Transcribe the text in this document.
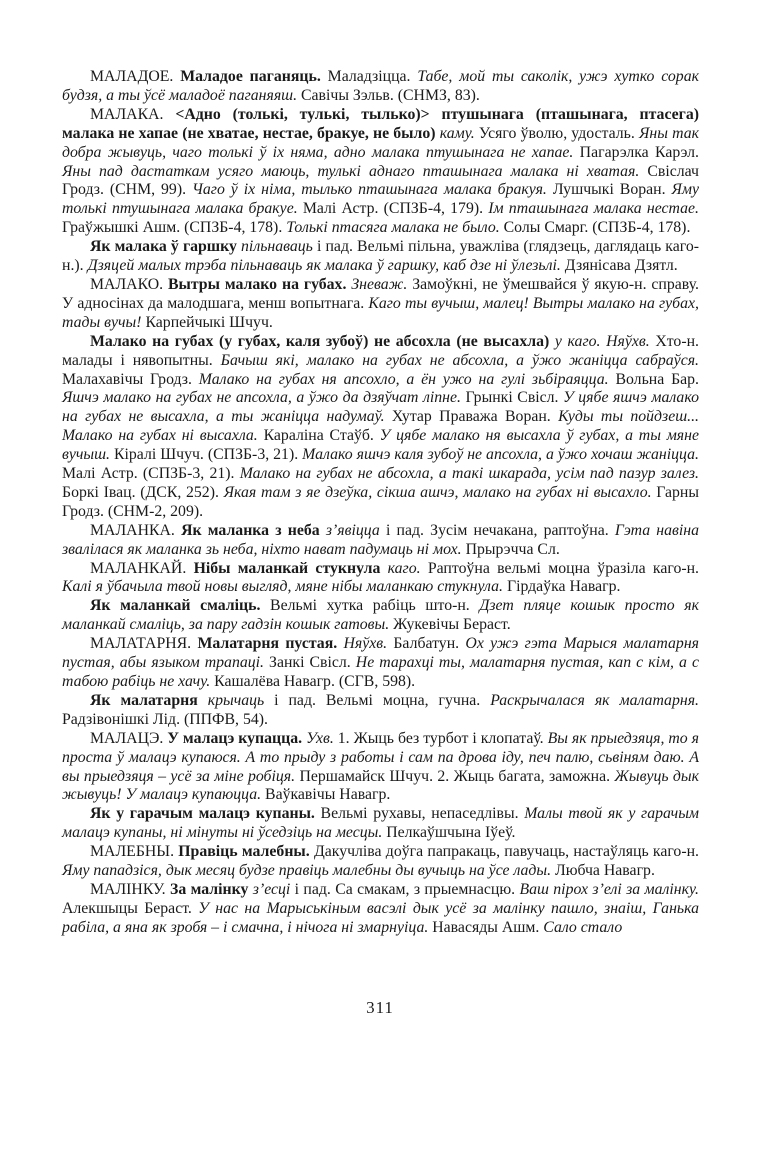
МАЛАДОЕ. Маладое паганяць. Маладзіцца. Табе, мой ты саколік, ужэ хутко сорак будзя, а ты ўсё маладоё паганяяш. Савічы Зэльв. (СНМЗ, 83).

МАЛАКА. <Адно (толькі, тулькі, тылько)> птушынага (пташынага, птасега) малака не хапае (не хватае, нестае, бракуе, не было) каму. Усяго ўволю, удосталь. Яны так добра жывуць, чаго толькі ў іх няма, адно малака птушынага не хапае. Пагарэлка Карэл. Яны пад дастаткам усяго маюць, тулькі аднаго пташынага малака ні хватая. Свіслач Гродз. (СНМ, 99). Чаго ў іх німа, тылько пташынага малака бракуя. Лушчыкі Воран. Яму толькі птушынага малака бракуе. Малі Астр. (СПЗБ-4, 179). Ім пташынага малака нестае. Граўжышкі Ашм. (СПЗБ-4, 178). Толькі птасяга малака не было. Солы Смарг. (СПЗБ-4, 178).

Як малака ў гаршку пільнаваць і пад. Вельмі пільна, уважліва (глядзець, даглядаць каго-н.). Дзяцей малых трэба пільнаваць як малака ў гаршку, каб дзе ні ўлезьлі. Дзянісава Дзятл.

МАЛАКО. Вытры малако на губах. Зневаж. Замоўкні, не ўмешвайся ў якую-н. справу. У адносінах да малодшага, менш вопытнага. Каго ты вучыш, малец! Вытры малако на губах, тады вучы! Карпейчыкі Шчуч.

Малако на губах (у губах, каля зубоў) не абсохла (не высахла) у каго. Няўхв. Хто-н. малады і нявопытны. Бачыш які, малако на губах не абсохла, а ўжо жаніцца сабраўся. Малахавічы Гродз. Малако на губах ня апсохло, а ён ужо на гулі зьбіраяцца. Вольна Бар. Яшчэ малако на губах не апсохла, а ўжо да дзяўчат ліпне. Грынкі Свісл. У цябе яшчэ малако на губах не высахла, а ты жаніцца надумаў. Хутар Праважа Воран. Куды ты пойдзеш... Малако на губах ні высахла. Караліна Стаўб. У цябе малако ня высахла ў губах, а ты мяне вучыш. Кіралі Шчуч. (СПЗБ-3, 21). Малако яшчэ каля зубоў не апсохла, а ўжо хочаш жаніцца. Малі Астр. (СПЗБ-3, 21). Малако на губах не абсохла, а такі шкарада, усім пад пазур залез. Боркі Івац. (ДСК, 252). Якая там з яе дзеўка, сікша ашчэ, малако на губах ні высахло. Гарны Гродз. (СНМ-2, 209).

МАЛАНКА. Як маланка з неба з’явіцца і пад. Зусім нечакана, раптоўна. Гэта навіна звалілася як маланка зь неба, ніхто нават падумаць ні мох. Прырэчча Сл.

МАЛАНКАЙ. Нібы маланкай стукнула каго. Раптоўна вельмі моцна ўразіла каго-н. Калі я ўбачыла твой новы выгляд, мяне нібы маланкаю стукнула. Гірдаўка Навагр.

Як маланкай смаліць. Вельмі хутка рабіць што-н. Дзет пляце кошык просто як маланкай смаліць, за пару гадзін кошык гатовы. Жукевічы Бераст.

МАЛАТАРНЯ. Малатарня пустая. Няўхв. Балбатун. Ох ужэ гэта Марыся малатарня пустая, абы языком трапаці. Занкі Свісл. Не тарахці ты, малатарня пустая, кап с кім, а с табою рабіць не хачу. Кашалёва Навагр. (СГВ, 598).

Як малатарня крычаць і пад. Вельмі моцна, гучна. Раскрычалася як малатарня. Радзівонішкі Лід. (ППФВ, 54).

МАЛАЦЭ. У малацэ купацца. Ухв. 1. Жыць без турбот і клопатаў. Вы як прыедзяця, то я проста ў малацэ купаюся. А то прыду з работы і сам па дрова іду, печ палю, сьвіням даю. А вы прыедзяця – усё за міне робіця. Першамайск Шчуч. 2. Жыць багата, заможна. Жывуць дык жывуць! У малацэ купаюцца. Ваўкавічы Навагр.

Як у гарачым малацэ купаны. Вельмі рухавы, непаседлівы. Малы твой як у гарачым малацэ купаны, ні мінуты ні ўседзіць на месцы. Пелкаўшчына Іўеў.

МАЛЕБНЫ. Правіць малебны. Дакучліва доўга папракаць, павучаць, настаўляць каго-н. Яму пападзіся, дык месяц будзе правіць малебны ды вучыць на ўсе лады. Любча Навагр.

МАЛІНКУ. За малінку з’есці і пад. Са смакам, з прыемнасцю. Ваш пірох з’елі за малінку. Алекшыцы Бераст. У нас на Марыськіным васэлі дык усё за малінку пашло, знаіш, Ганька рабіла, а яна як зробя – і смачна, і нічога ні змарнуіца. Навасяды Ашм. Сало стало

311
